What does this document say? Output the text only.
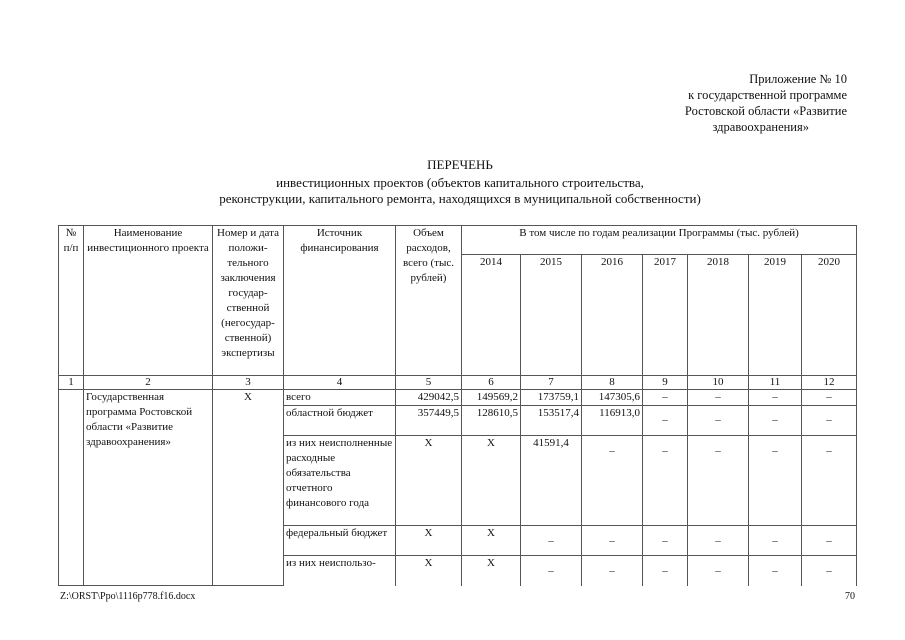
Приложение № 10
к государственной программе
Ростовской области «Развитие
здравоохранения»
ПЕРЕЧЕНЬ
инвестиционных проектов (объектов капитального строительства,
реконструкции, капитального ремонта, находящихся в муниципальной собственности)
№ п/п	Наименование инвестиционного проекта	Номер и дата положи-тельного заключения государ-ственной (негосудар-ственной) экспертизы	Источник финансирования	Объем расходов, всего (тыс. рублей)	В том числе по годам реализации Программы (тыс. рублей)						
					2014	2015	2016	2017	2018	2019	2020
1	2	3	4	5	6	7	8	9	10	11	12
	Государственная программа Ростовской области «Развитие здравоохранения»	Х	всего	429042,5	149569,2	173759,1	147305,6	–	–	–	–
			областной бюджет	357449,5	128610,5	153517,4	116913,0	–	–	–	–
			из них неисполненные расходные обязательства отчетного финансового года	Х	Х	41591,4	–	–	–	–	–
			федеральный бюджет	Х	Х	–	–	–	–	–	–
			из них неиспользо-	Х	Х	–	–	–	–	–	–
Z:\ORST\Ppo\1116p778.f16.docx	70
